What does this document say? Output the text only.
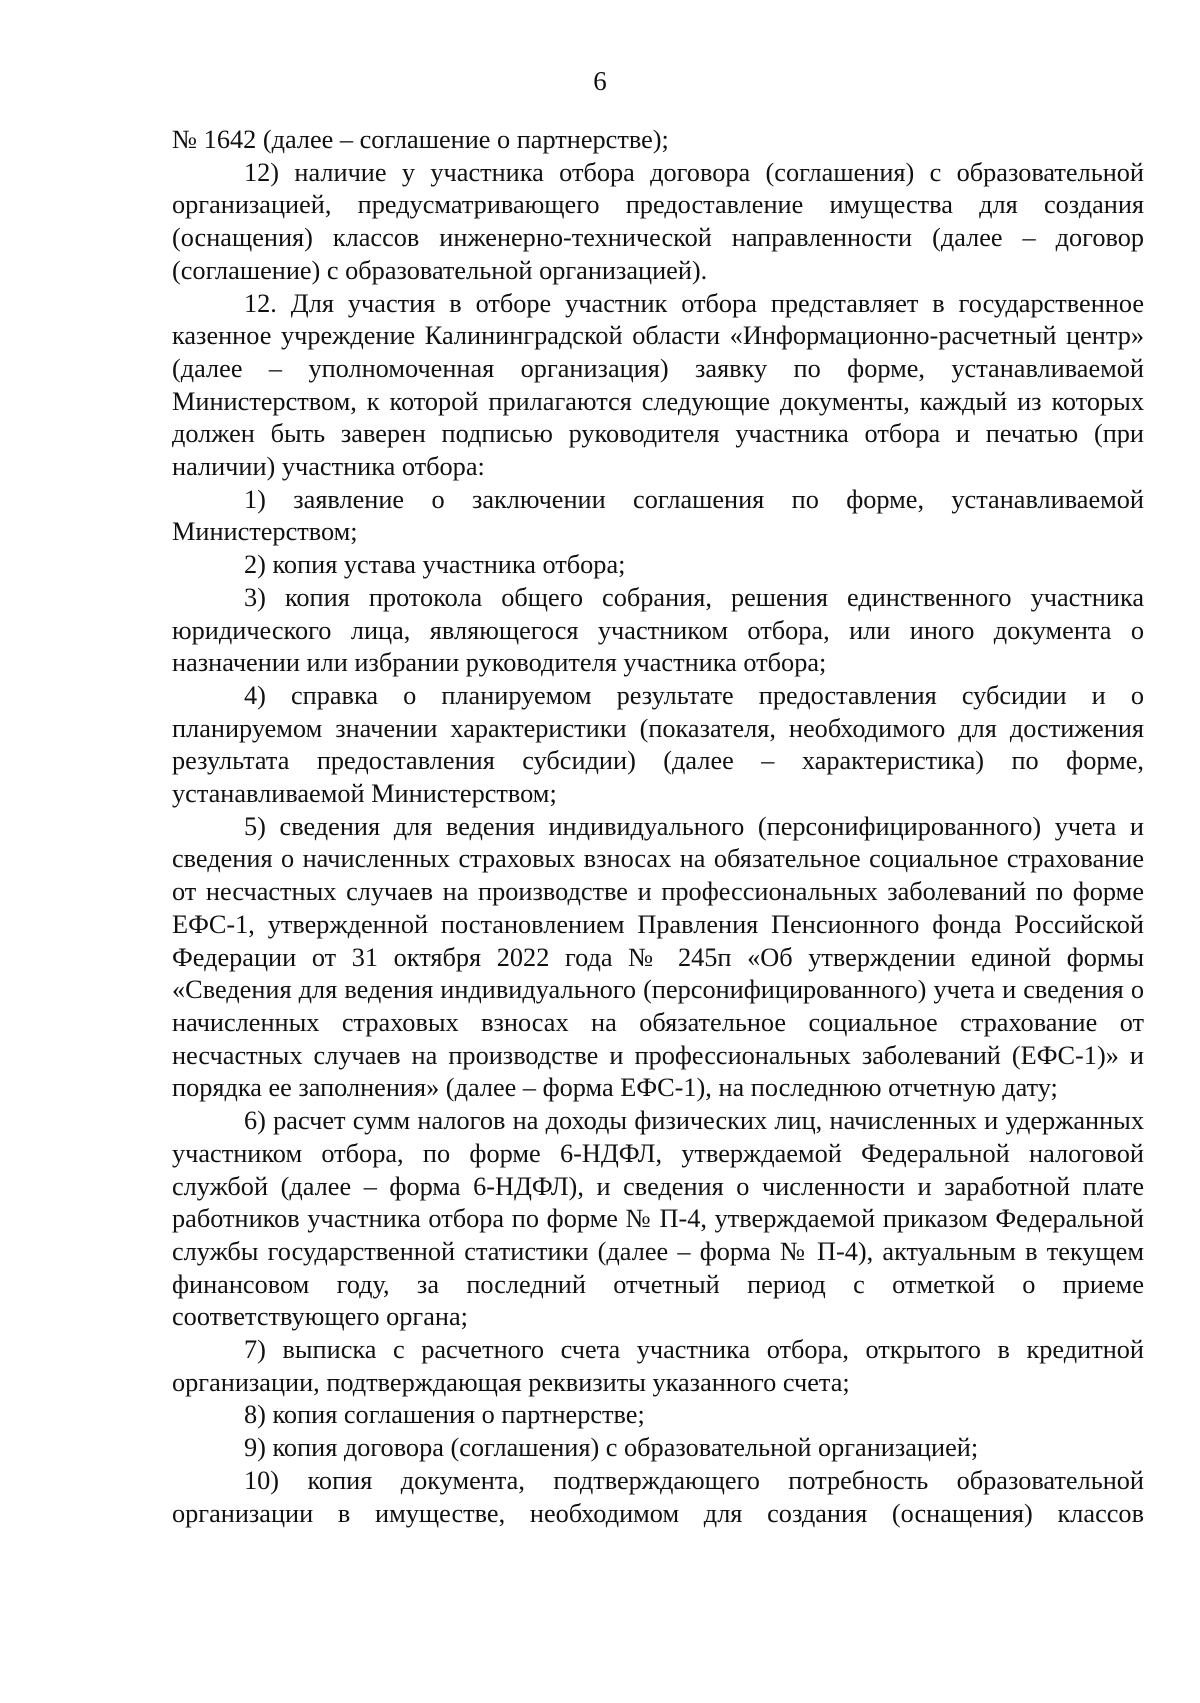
6

№ 1642 (далее – соглашение о партнерстве);

12) наличие у участника отбора договора (соглашения) с образовательной организацией, предусматривающего предоставление имущества для создания (оснащения) классов инженерно-технической направленности (далее – договор (соглашение) с образовательной организацией).

12. Для участия в отборе участник отбора представляет в государственное казенное учреждение Калининградской области «Информационно-расчетный центр» (далее – уполномоченная организация) заявку по форме, устанавливаемой Министерством, к которой прилагаются следующие документы, каждый из которых должен быть заверен подписью руководителя участника отбора и печатью (при наличии) участника отбора:

1) заявление о заключении соглашения по форме, устанавливаемой Министерством;

2) копия устава участника отбора;

3) копия протокола общего собрания, решения единственного участника юридического лица, являющегося участником отбора, или иного документа о назначении или избрании руководителя участника отбора;

4) справка о планируемом результате предоставления субсидии и о планируемом значении характеристики (показателя, необходимого для достижения результата предоставления субсидии) (далее – характеристика) по форме, устанавливаемой Министерством;

5) сведения для ведения индивидуального (персонифицированного) учета и сведения о начисленных страховых взносах на обязательное социальное страхование от несчастных случаев на производстве и профессиональных заболеваний по форме ЕФС-1, утвержденной постановлением Правления Пенсионного фонда Российской Федерации от 31 октября 2022 года № 245п «Об утверждении единой формы «Сведения для ведения индивидуального (персонифицированного) учета и сведения о начисленных страховых взносах на обязательное социальное страхование от несчастных случаев на производстве и профессиональных заболеваний (ЕФС-1)» и порядка ее заполнения» (далее – форма ЕФС-1), на последнюю отчетную дату;

6) расчет сумм налогов на доходы физических лиц, начисленных и удержанных участником отбора, по форме 6-НДФЛ, утверждаемой Федеральной налоговой службой (далее – форма 6-НДФЛ), и сведения о численности и заработной плате работников участника отбора по форме № П-4, утверждаемой приказом Федеральной службы государственной статистики (далее – форма № П-4), актуальным в текущем финансовом году, за последний отчетный период с отметкой о приеме соответствующего органа;

7) выписка с расчетного счета участника отбора, открытого в кредитной организации, подтверждающая реквизиты указанного счета;

8) копия соглашения о партнерстве;

9) копия договора (соглашения) с образовательной организацией;

10) копия документа, подтверждающего потребность образовательной организации в имуществе, необходимом для создания (оснащения) классов
